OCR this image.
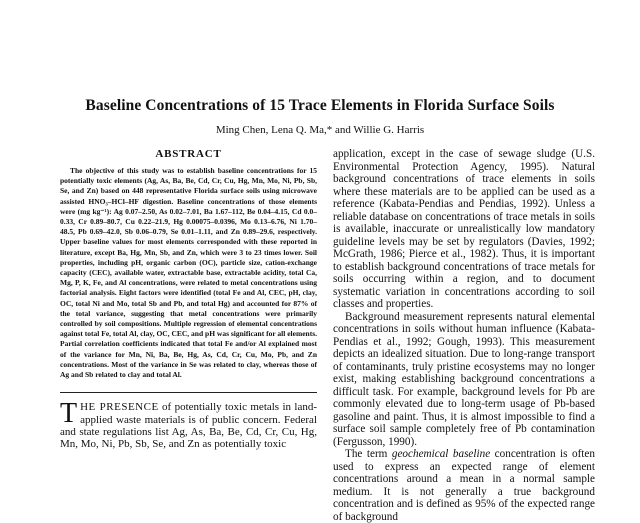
Baseline Concentrations of 15 Trace Elements in Florida Surface Soils
Ming Chen, Lena Q. Ma,* and Willie G. Harris
ABSTRACT

The objective of this study was to establish baseline concentrations for 15 potentially toxic elements (Ag, As, Ba, Be, Cd, Cr, Cu, Hg, Mn, Mo, Ni, Pb, Sb, Se, and Zn) based on 448 representative Florida surface soils using microwave assisted HNO₃–HCl–HF digestion. Baseline concentrations of those elements were (mg kg⁻¹): Ag 0.07–2.50, As 0.02–7.01, Ba 1.67–112, Be 0.04–4.15, Cd 0.0–0.33, Cr 0.89–80.7, Cu 0.22–21.9, Hg 0.00075–0.0396, Mo 0.13–6.76, Ni 1.70–48.5, Pb 0.69–42.0, Sb 0.06–0.79, Se 0.01–1.11, and Zn 0.89–29.6, respectively. Upper baseline values for most elements corresponded with these reported in literature, except Ba, Hg, Mn, Sb, and Zn, which were 3 to 23 times lower. Soil properties, including pH, organic carbon (OC), particle size, cation-exchange capacity (CEC), available water, extractable base, extractable acidity, total Ca, Mg, P, K, Fe, and Al concentrations, were related to metal concentrations using factorial analysis. Eight factors were identified (total Fe and Al, CEC, pH, clay, OC, total Ni and Mo, total Sb and Pb, and total Hg) and accounted for 87% of the total variance, suggesting that metal concentrations were primarily controlled by soil compositions. Multiple regression of elemental concentrations against total Fe, total Al, clay, OC, CEC, and pH was significant for all elements. Partial correlation coefficients indicated that total Fe and/or Al explained most of the variance for Mn, Ni, Ba, Be, Hg, As, Cd, Cr, Cu, Mo, Pb, and Zn concentrations. Most of the variance in Se was related to clay, whereas those of Ag and Sb related to clay and total Al.

THE PRESENCE of potentially toxic metals in land-applied waste materials is of public concern. Federal and state regulations list Ag, As, Ba, Be, Cd, Cr, Cu, Hg, Mn, Mo, Ni, Pb, Sb, Se, and Zn as potentially toxic

application, except in the case of sewage sludge (U.S. Environmental Protection Agency, 1995). Natural background concentrations of trace elements in soils where these materials are to be applied can be used as a reference (Kabata-Pendias and Pendias, 1992). Unless a reliable database on concentrations of trace metals in soils is available, inaccurate or unrealistically low mandatory guideline levels may be set by regulators (Davies, 1992; McGrath, 1986; Pierce et al., 1982). Thus, it is important to establish background concentrations of trace metals for soils occurring within a region, and to document systematic variation in concentrations according to soil classes and properties.

Background measurement represents natural elemental concentrations in soils without human influence (Kabata-Pendias et al., 1992; Gough, 1993). This measurement depicts an idealized situation. Due to long-range transport of contaminants, truly pristine ecosystems may no longer exist, making establishing background concentrations a difficult task. For example, background levels for Pb are commonly elevated due to long-term usage of Pb-based gasoline and paint. Thus, it is almost impossible to find a surface soil sample completely free of Pb contamination (Fergusson, 1990).

The term geochemical baseline concentration is often used to express an expected range of element concentrations around a mean in a normal sample medium. It is not generally a true background concentration and is defined as 95% of the expected range of background
